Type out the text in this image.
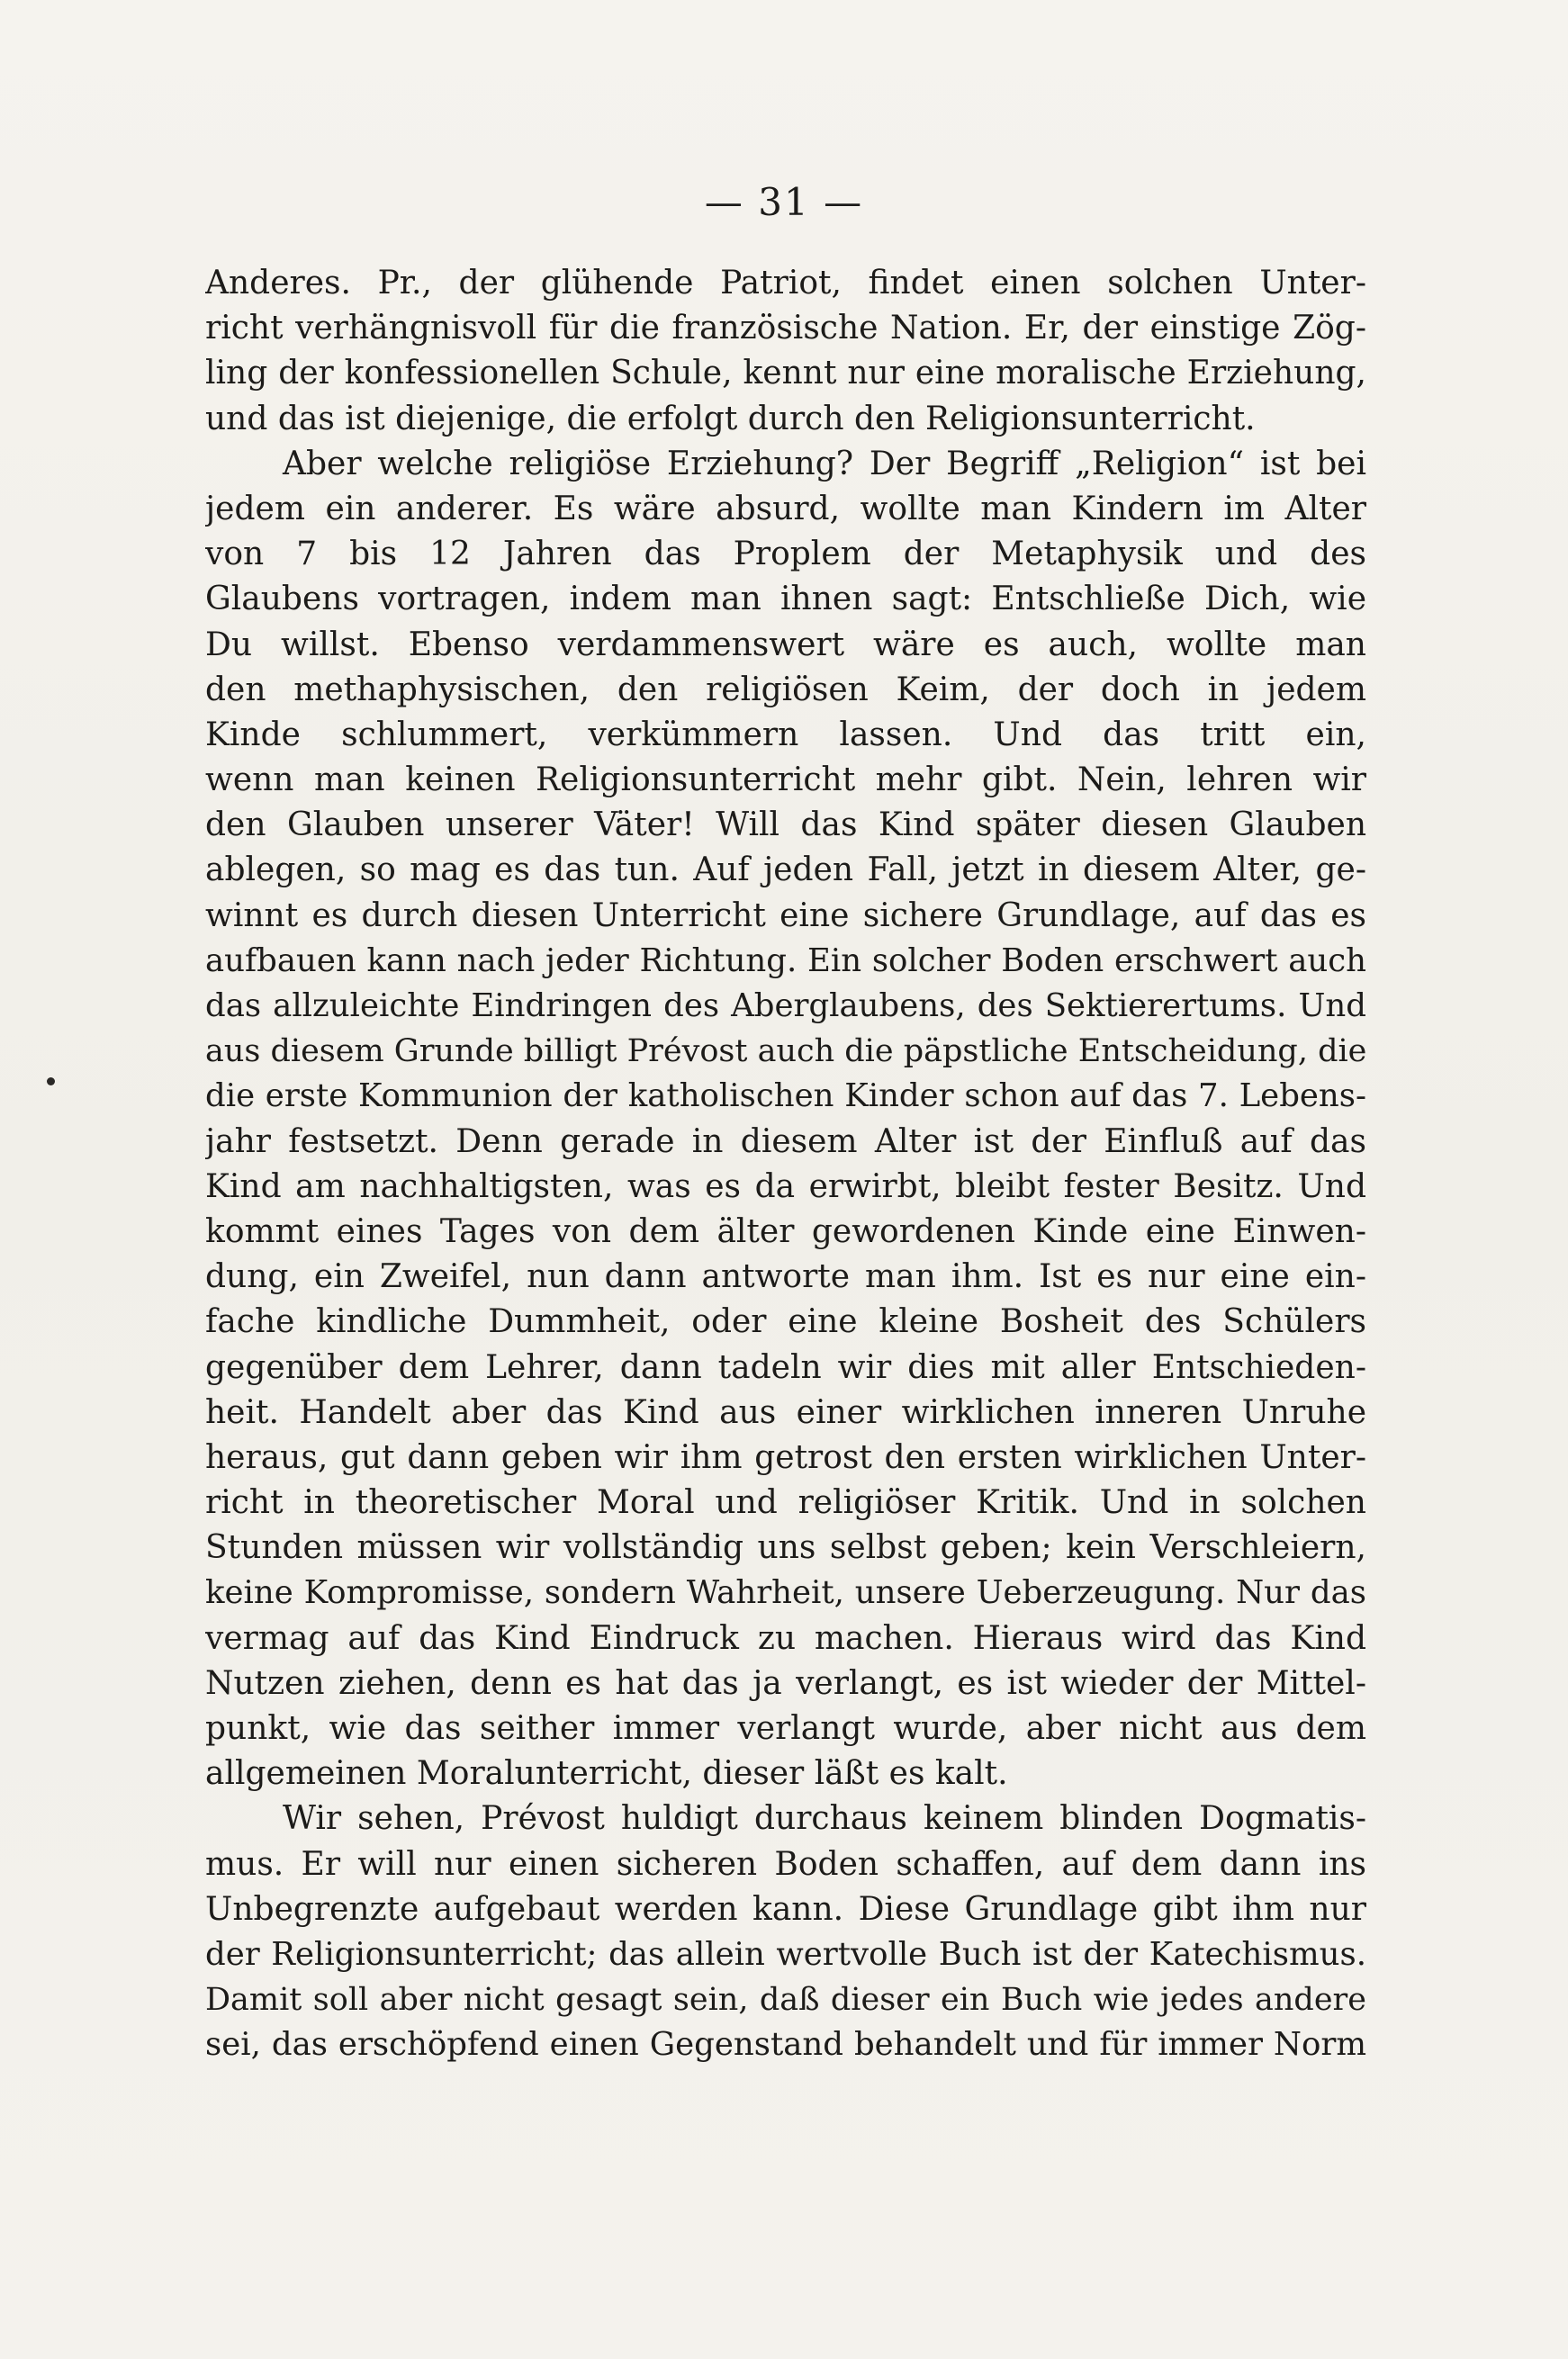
— 31 —
Anderes. Pr., der glühende Patriot, findet einen solchen Unter-
richt verhängnisvoll für die französische Nation. Er, der einstige Zög-
ling der konfessionellen Schule, kennt nur eine moralische Erziehung,
und das ist diejenige, die erfolgt durch den Religionsunterricht.
Aber welche religiöse Erziehung? Der Begriff „Religion“ ist bei
jedem ein anderer. Es wäre absurd, wollte man Kindern im Alter
von 7 bis 12 Jahren das Proplem der Metaphysik und des
Glaubens vortragen, indem man ihnen sagt: Entschließe Dich, wie
Du willst. Ebenso verdammenswert wäre es auch, wollte man
den methaphysischen, den religiösen Keim, der doch in jedem
Kinde schlummert, verkümmern lassen. Und das tritt ein,
wenn man keinen Religionsunterricht mehr gibt. Nein, lehren wir
den Glauben unserer Väter! Will das Kind später diesen Glauben
ablegen, so mag es das tun. Auf jeden Fall, jetzt in diesem Alter, ge-
winnt es durch diesen Unterricht eine sichere Grundlage, auf das es
aufbauen kann nach jeder Richtung. Ein solcher Boden erschwert auch
das allzuleichte Eindringen des Aberglaubens, des Sektierertums. Und
aus diesem Grunde billigt Prévost auch die päpstliche Entscheidung, die
die erste Kommunion der katholischen Kinder schon auf das 7. Lebens-
jahr festsetzt. Denn gerade in diesem Alter ist der Einfluß auf das
Kind am nachhaltigsten, was es da erwirbt, bleibt fester Besitz. Und
kommt eines Tages von dem älter gewordenen Kinde eine Einwen-
dung, ein Zweifel, nun dann antworte man ihm. Ist es nur eine ein-
fache kindliche Dummheit, oder eine kleine Bosheit des Schülers
gegenüber dem Lehrer, dann tadeln wir dies mit aller Entschieden-
heit. Handelt aber das Kind aus einer wirklichen inneren Unruhe
heraus, gut dann geben wir ihm getrost den ersten wirklichen Unter-
richt in theoretischer Moral und religiöser Kritik. Und in solchen
Stunden müssen wir vollständig uns selbst geben; kein Verschleiern,
keine Kompromisse, sondern Wahrheit, unsere Ueberzeugung. Nur das
vermag auf das Kind Eindruck zu machen. Hieraus wird das Kind
Nutzen ziehen, denn es hat das ja verlangt, es ist wieder der Mittel-
punkt, wie das seither immer verlangt wurde, aber nicht aus dem
allgemeinen Moralunterricht, dieser läßt es kalt.
Wir sehen, Prévost huldigt durchaus keinem blinden Dogmatis-
mus. Er will nur einen sicheren Boden schaffen, auf dem dann ins
Unbegrenzte aufgebaut werden kann. Diese Grundlage gibt ihm nur
der Religionsunterricht; das allein wertvolle Buch ist der Katechismus.
Damit soll aber nicht gesagt sein, daß dieser ein Buch wie jedes andere
sei, das erschöpfend einen Gegenstand behandelt und für immer Norm
